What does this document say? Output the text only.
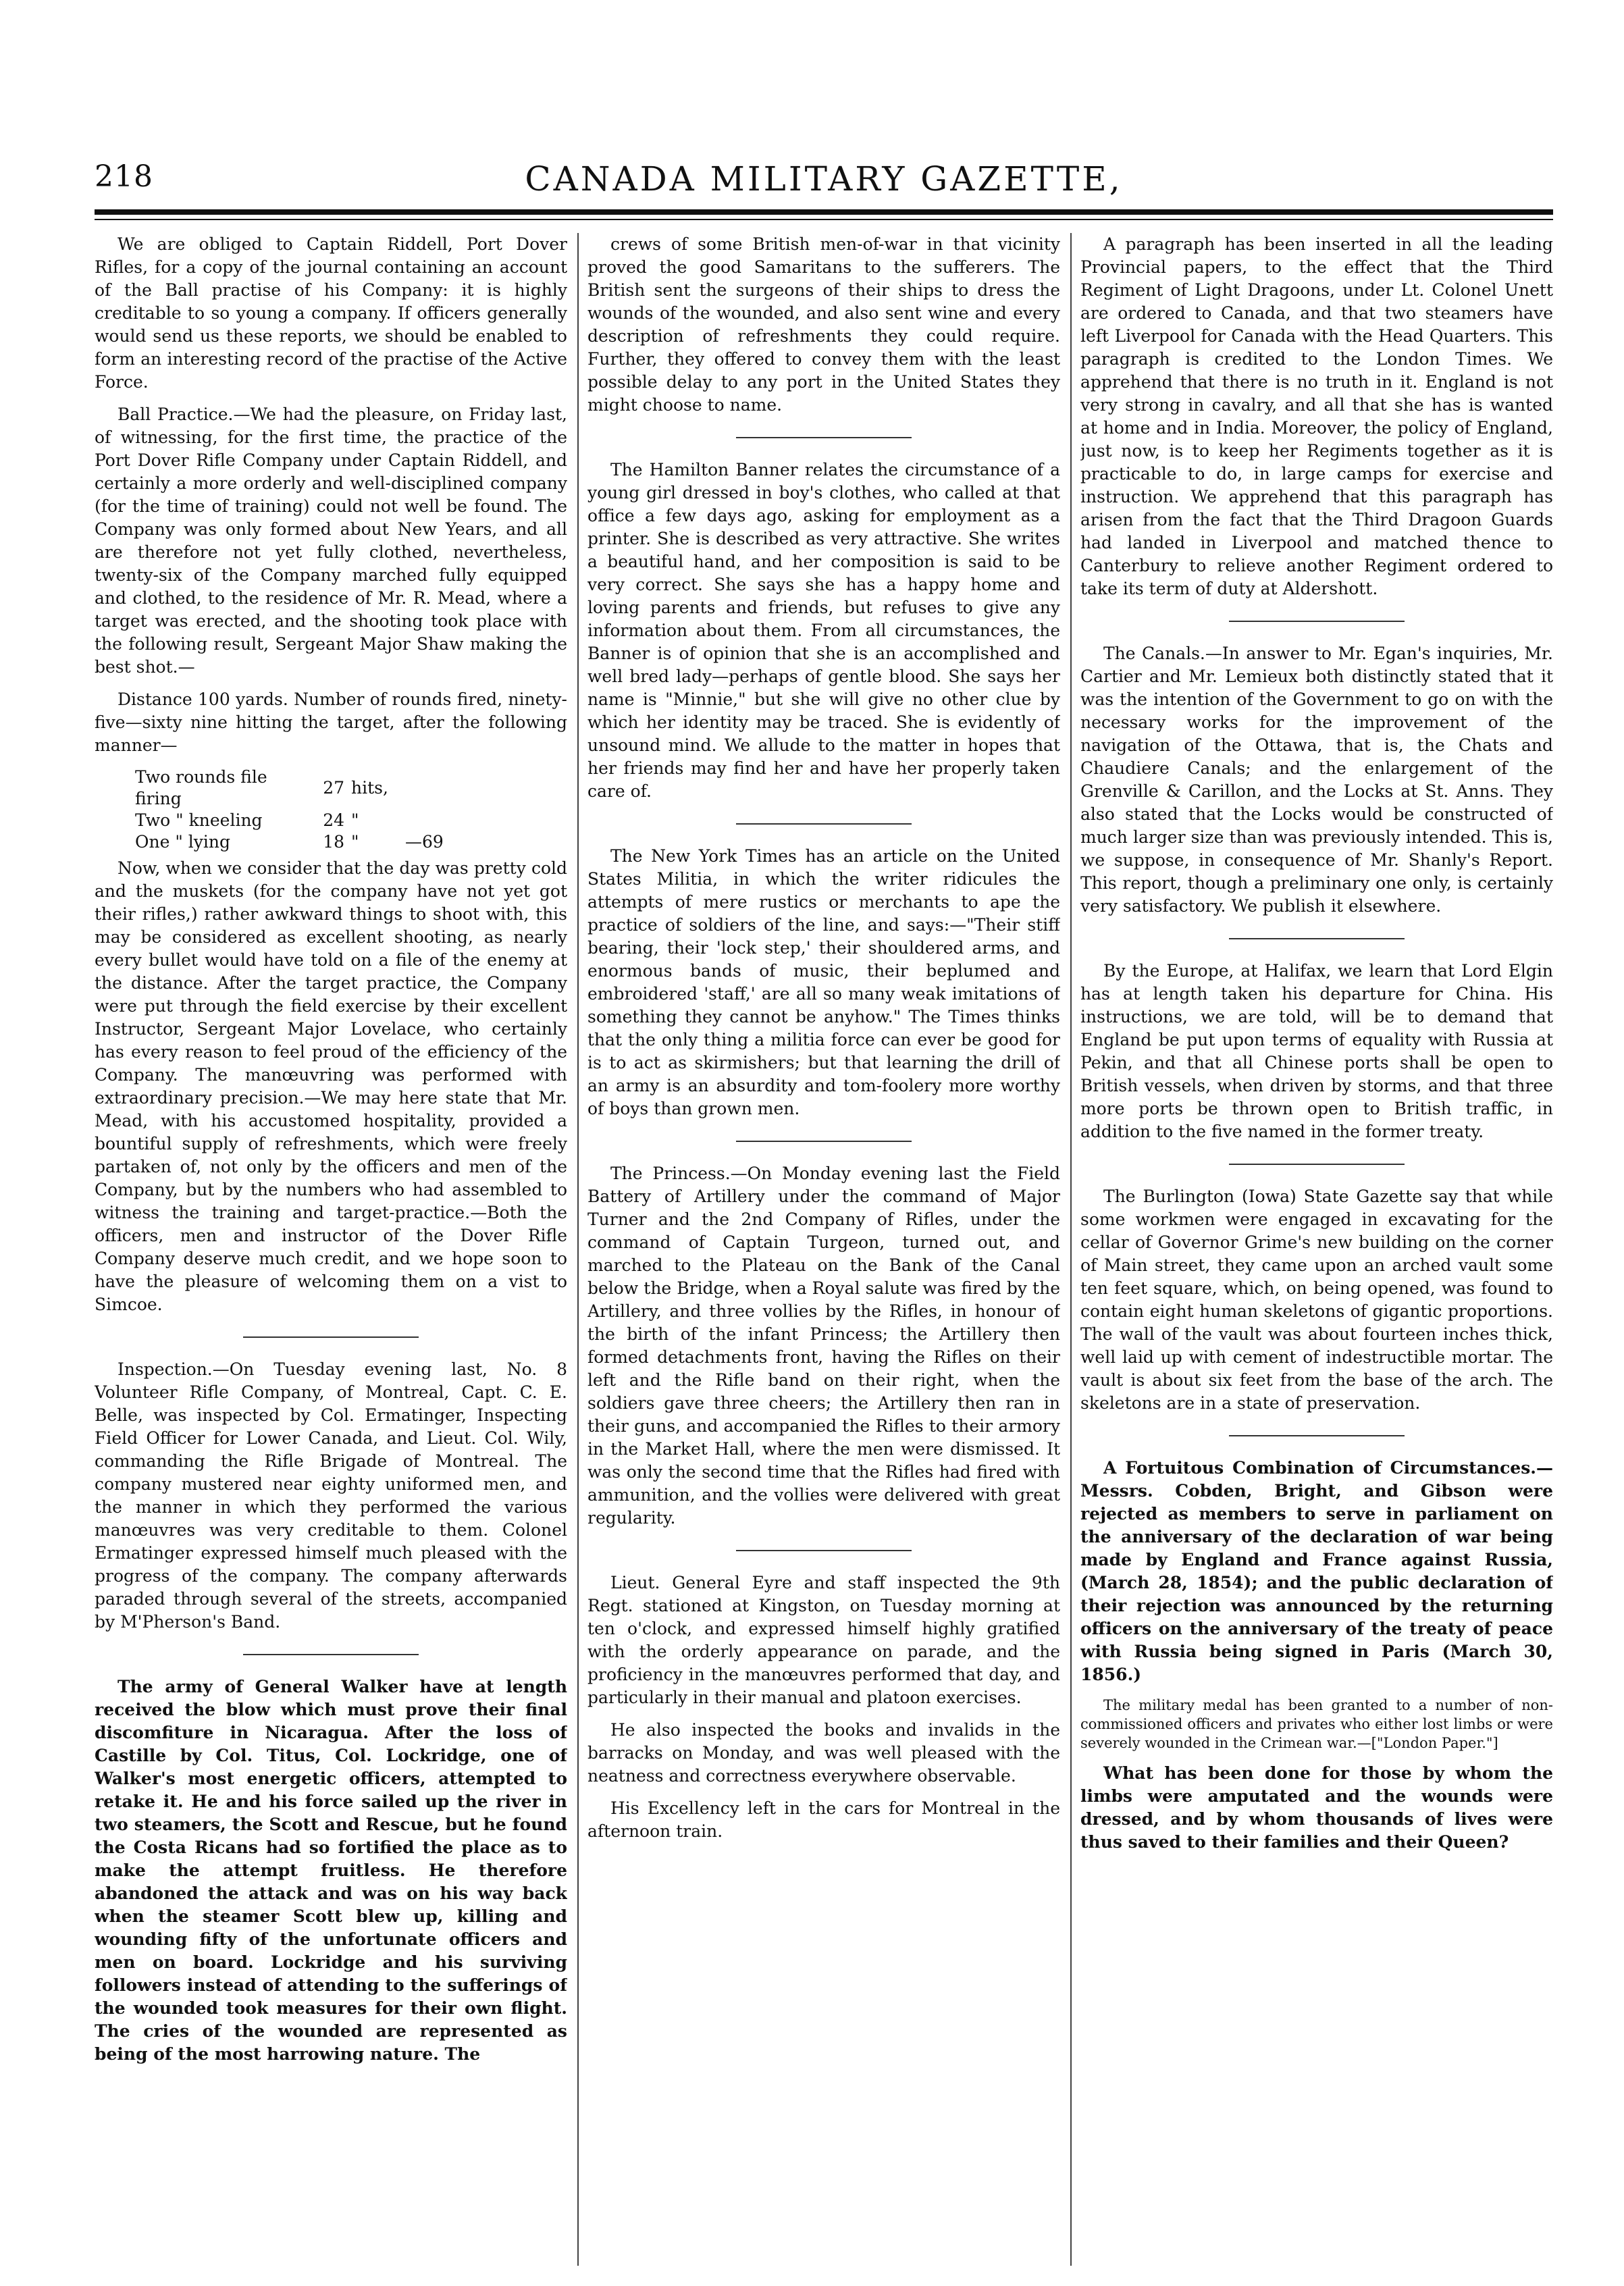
218	CANADA MILITARY GAZETTE,

We are obliged to Captain Riddell, Port Dover Rifles, for a copy of the journal containing an account of the Ball practise of his Company: it is highly creditable to so young a company. If officers generally would send us these reports, we should be enabled to form an interesting record of the practise of the Active Force.

Ball Practice.—We had the pleasure, on Friday last, of witnessing, for the first time, the practice of the Port Dover Rifle Company under Captain Riddell, and certainly a more orderly and well-disciplined company (for the time of training) could not well be found. The Company was only formed about New Years, and all are therefore not yet fully clothed, nevertheless, twenty-six of the Company marched fully equipped and clothed, to the residence of Mr. R. Mead, where a target was erected, and the shooting took place with the following result, Sergeant Major Shaw making the best shot.—

Distance 100 yards. Number of rounds fired, ninety-five—sixty nine hitting the target, after the following manner—

Two rounds file firing	27	hits,	
Two " kneeling	24	"	
One " lying	18	"	—69

Now, when we consider that the day was pretty cold and the muskets (for the company have not yet got their rifles,) rather awkward things to shoot with, this may be considered as excellent shooting, as nearly every bullet would have told on a file of the enemy at the distance. After the target practice, the Company were put through the field exercise by their excellent Instructor, Sergeant Major Lovelace, who certainly has every reason to feel proud of the efficiency of the Company. The manœuvring was performed with extraordinary precision.—We may here state that Mr. Mead, with his accustomed hospitality, provided a bountiful supply of refreshments, which were freely partaken of, not only by the officers and men of the Company, but by the numbers who had assembled to witness the training and target-practice.—Both the officers, men and instructor of the Dover Rifle Company deserve much credit, and we hope soon to have the pleasure of welcoming them on a vist to Simcoe.

Inspection.—On Tuesday evening last, No. 8 Volunteer Rifle Company, of Montreal, Capt. C. E. Belle, was inspected by Col. Ermatinger, Inspecting Field Officer for Lower Canada, and Lieut. Col. Wily, commanding the Rifle Brigade of Montreal. The company mustered near eighty uniformed men, and the manner in which they performed the various manœuvres was very creditable to them. Colonel Ermatinger expressed himself much pleased with the progress of the company. The company afterwards paraded through several of the streets, accompanied by M'Pherson's Band.

The army of General Walker have at length received the blow which must prove their final discomfiture in Nicaragua. After the loss of Castille by Col. Titus, Col. Lockridge, one of Walker's most energetic officers, attempted to retake it. He and his force sailed up the river in two steamers, the Scott and Rescue, but he found the Costa Ricans had so fortified the place as to make the attempt fruitless. He therefore abandoned the attack and was on his way back when the steamer Scott blew up, killing and wounding fifty of the unfortunate officers and men on board. Lockridge and his surviving followers instead of attending to the sufferings of the wounded took measures for their own flight. The cries of the wounded are represented as being of the most harrowing nature. The

crews of some British men-of-war in that vicinity proved the good Samaritans to the sufferers. The British sent the surgeons of their ships to dress the wounds of the wounded, and also sent wine and every description of refreshments they could require. Further, they offered to convey them with the least possible delay to any port in the United States they might choose to name.

The Hamilton Banner relates the circumstance of a young girl dressed in boy's clothes, who called at that office a few days ago, asking for employment as a printer. She is described as very attractive. She writes a beautiful hand, and her composition is said to be very correct. She says she has a happy home and loving parents and friends, but refuses to give any information about them. From all circumstances, the Banner is of opinion that she is an accomplished and well bred lady—perhaps of gentle blood. She says her name is "Minnie," but she will give no other clue by which her identity may be traced. She is evidently of unsound mind. We allude to the matter in hopes that her friends may find her and have her properly taken care of.

The New York Times has an article on the United States Militia, in which the writer ridicules the attempts of mere rustics or merchants to ape the practice of soldiers of the line, and says:—"Their stiff bearing, their 'lock step,' their shouldered arms, and enormous bands of music, their beplumed and embroidered 'staff,' are all so many weak imitations of something they cannot be anyhow." The Times thinks that the only thing a militia force can ever be good for is to act as skirmishers; but that learning the drill of an army is an absurdity and tom-foolery more worthy of boys than grown men.

The Princess.—On Monday evening last the Field Battery of Artillery under the command of Major Turner and the 2nd Company of Rifles, under the command of Captain Turgeon, turned out, and marched to the Plateau on the Bank of the Canal below the Bridge, when a Royal salute was fired by the Artillery, and three vollies by the Rifles, in honour of the birth of the infant Princess; the Artillery then formed detachments front, having the Rifles on their left and the Rifle band on their right, when the soldiers gave three cheers; the Artillery then ran in their guns, and accompanied the Rifles to their armory in the Market Hall, where the men were dismissed. It was only the second time that the Rifles had fired with ammunition, and the vollies were delivered with great regularity.

Lieut. General Eyre and staff inspected the 9th Regt. stationed at Kingston, on Tuesday morning at ten o'clock, and expressed himself highly gratified with the orderly appearance on parade, and the proficiency in the manœuvres performed that day, and particularly in their manual and platoon exercises.

He also inspected the books and invalids in the barracks on Monday, and was well pleased with the neatness and correctness everywhere observable.

His Excellency left in the cars for Montreal in the afternoon train.

A paragraph has been inserted in all the leading Provincial papers, to the effect that the Third Regiment of Light Dragoons, under Lt. Colonel Unett are ordered to Canada, and that two steamers have left Liverpool for Canada with the Head Quarters. This paragraph is credited to the London Times. We apprehend that there is no truth in it. England is not very strong in cavalry, and all that she has is wanted at home and in India. Moreover, the policy of England, just now, is to keep her Regiments together as it is practicable to do, in large camps for exercise and instruction. We apprehend that this paragraph has arisen from the fact that the Third Dragoon Guards had landed in Liverpool and matched thence to Canterbury to relieve another Regiment ordered to take its term of duty at Aldershott.

The Canals.—In answer to Mr. Egan's inquiries, Mr. Cartier and Mr. Lemieux both distinctly stated that it was the intention of the Government to go on with the necessary works for the improvement of the navigation of the Ottawa, that is, the Chats and Chaudiere Canals; and the enlargement of the Grenville & Carillon, and the Locks at St. Anns. They also stated that the Locks would be constructed of much larger size than was previously intended. This is, we suppose, in consequence of Mr. Shanly's Report. This report, though a preliminary one only, is certainly very satisfactory. We publish it elsewhere.

By the Europe, at Halifax, we learn that Lord Elgin has at length taken his departure for China. His instructions, we are told, will be to demand that England be put upon terms of equality with Russia at Pekin, and that all Chinese ports shall be open to British vessels, when driven by storms, and that three more ports be thrown open to British traffic, in addition to the five named in the former treaty.

The Burlington (Iowa) State Gazette say that while some workmen were engaged in excavating for the cellar of Governor Grime's new building on the corner of Main street, they came upon an arched vault some ten feet square, which, on being opened, was found to contain eight human skeletons of gigantic proportions. The wall of the vault was about fourteen inches thick, well laid up with cement of indestructible mortar. The vault is about six feet from the base of the arch. The skeletons are in a state of preservation.

A Fortuitous Combination of Circumstances.—Messrs. Cobden, Bright, and Gibson were rejected as members to serve in parliament on the anniversary of the declaration of war being made by England and France against Russia, (March 28, 1854); and the public declaration of their rejection was announced by the returning officers on the anniversary of the treaty of peace with Russia being signed in Paris (March 30, 1856.)

The military medal has been granted to a number of non-commissioned officers and privates who either lost limbs or were severely wounded in the Crimean war.—["London Paper."]

What has been done for those by whom the limbs were amputated and the wounds were dressed, and by whom thousands of lives were thus saved to their families and their Queen?
